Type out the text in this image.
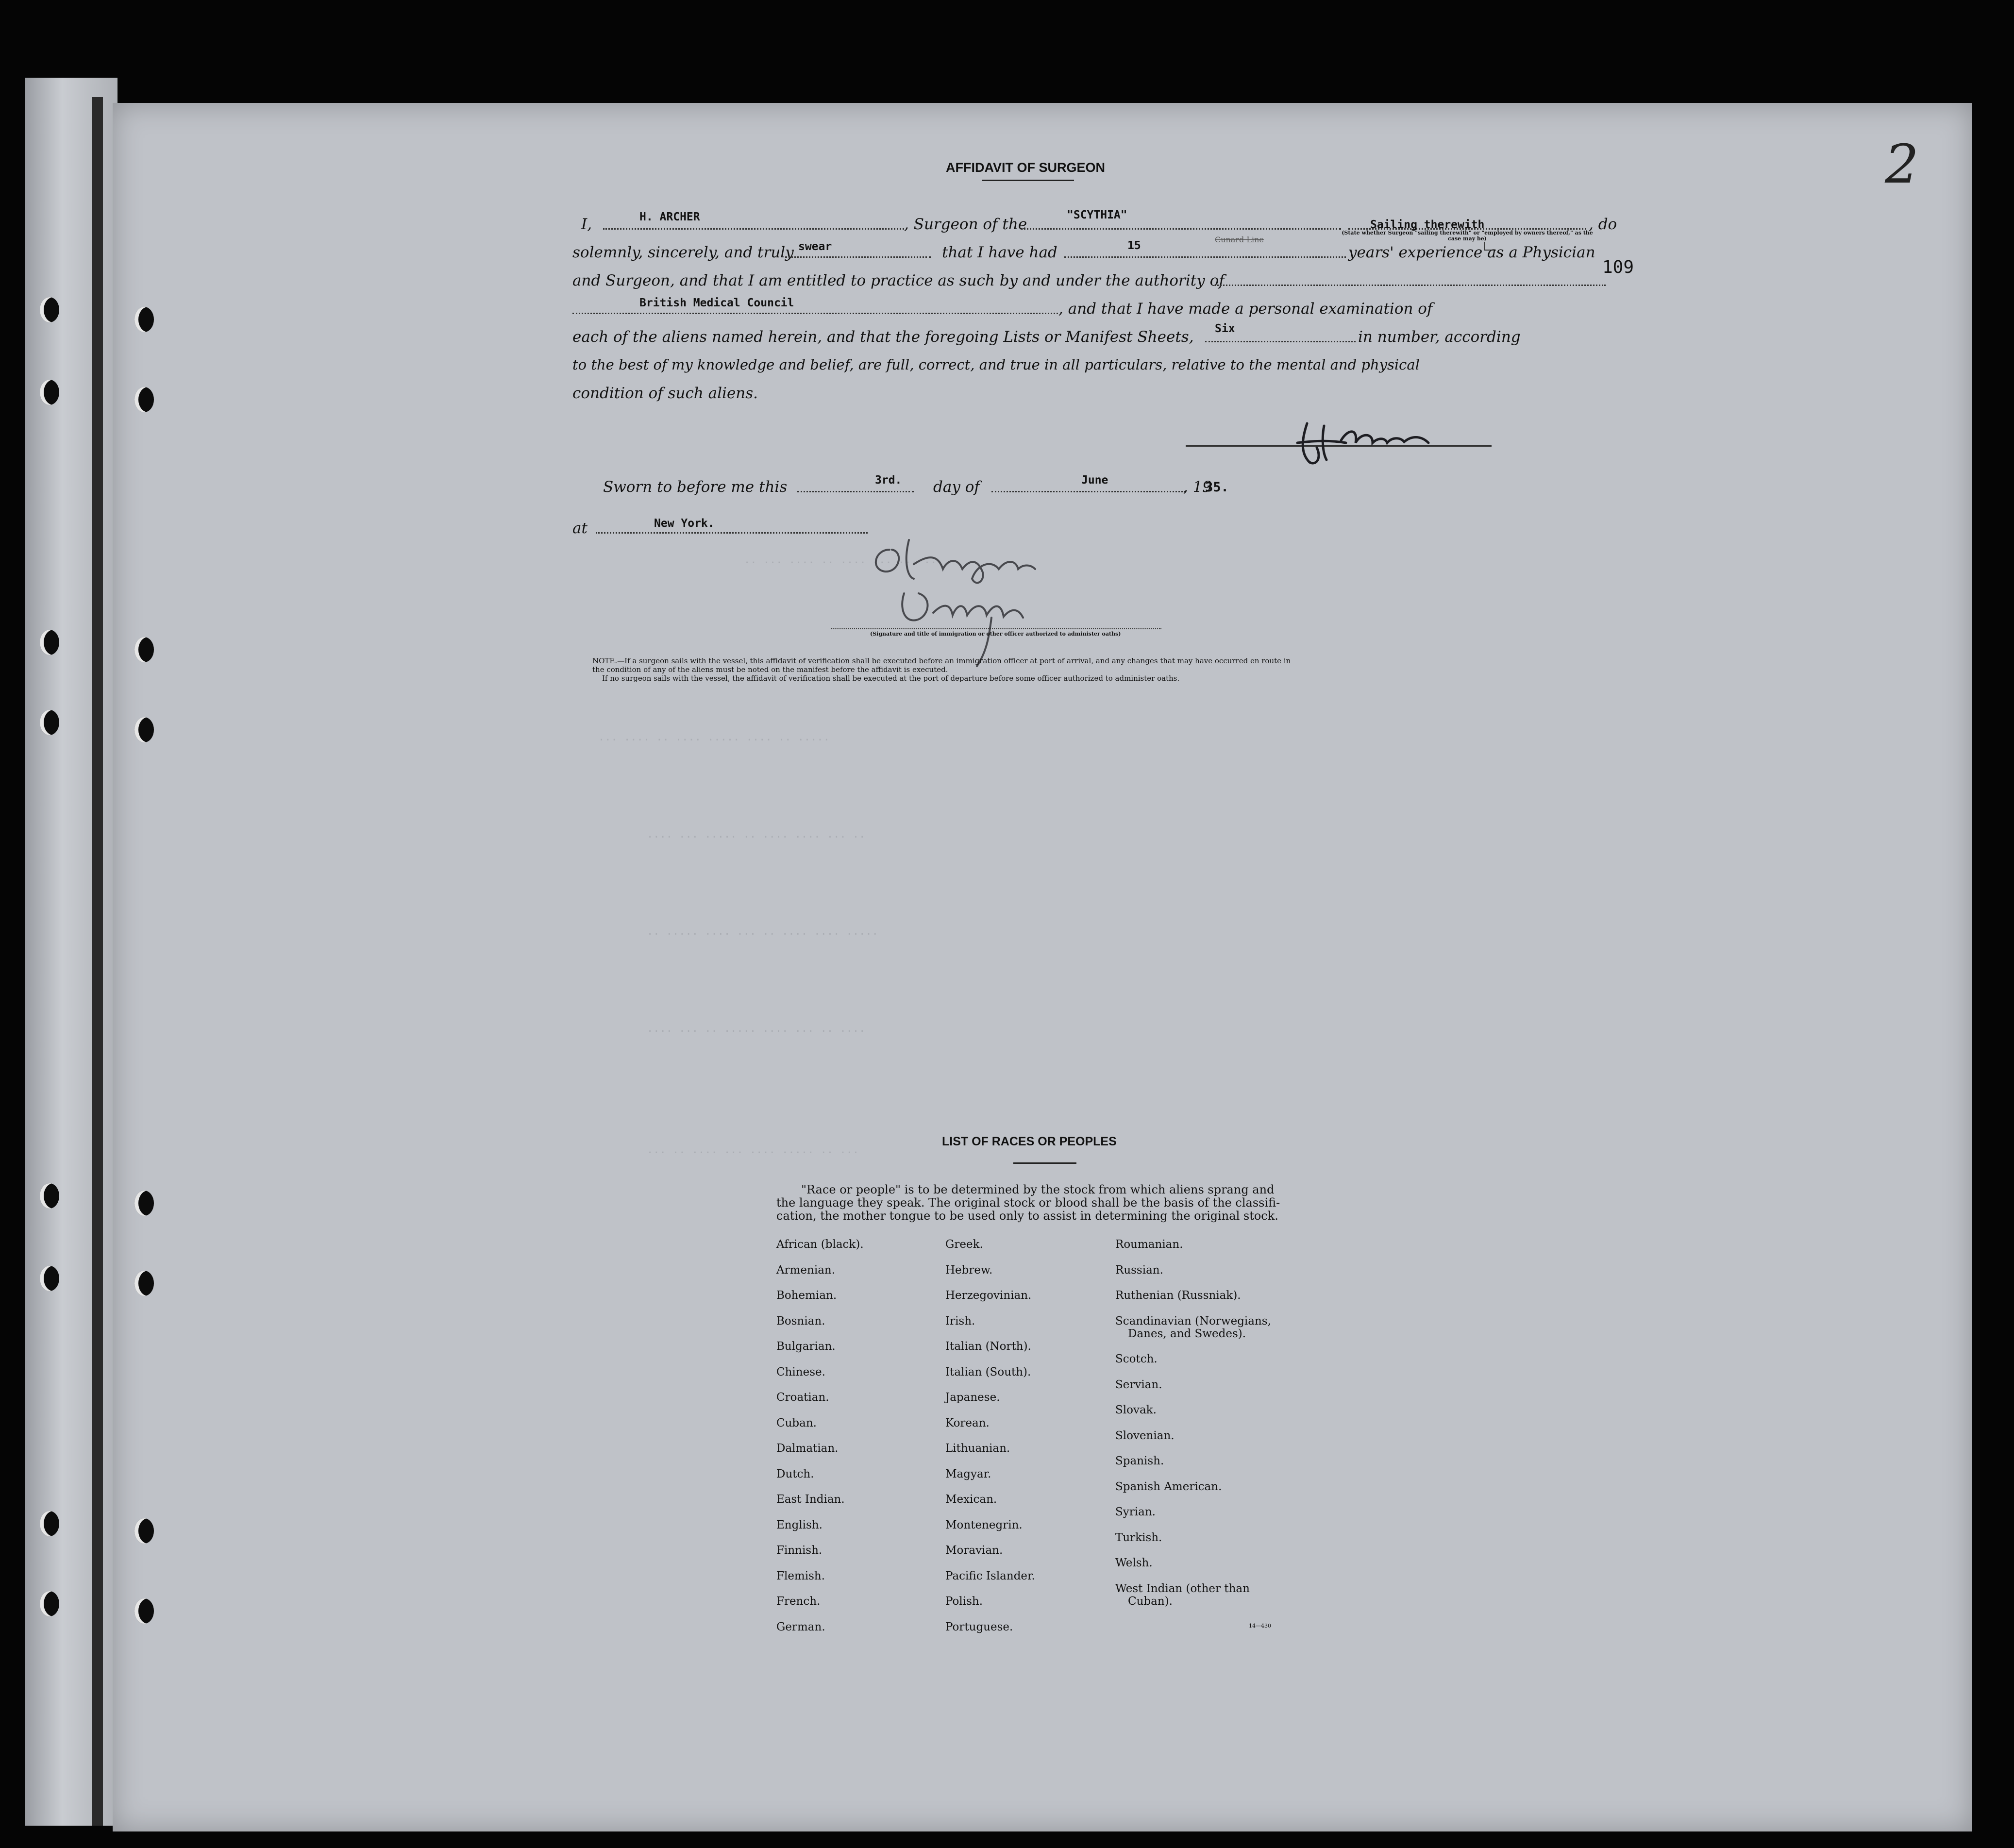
·· ··· ···· ·· ···· ··· ··· ···
··· ···· ·· ···· ····· ···· ·· ·····
···· ··· ····· ·· ···· ···· ··· ··
·· ····· ···· ··· ·· ···· ···· ·····
···· ··· ·· ····· ···· ··· ·· ····
··· ·· ···· ··· ···· ····· ·· ···
109
2
AFFIDAVIT OF SURGEON
I,	H. ARCHER	, Surgeon of the
"SCYTHIA"
Sailing therewith	, do
(State whether Surgeon "sailing therewith" or "employed by owners thereof," as the case may be)
Cunard Line
solemnly, sincerely, and truly swear	that I have had	15	years' experience as a Physician
and Surgeon, and that I am entitled to practice as such by and under the authority of
British Medical Council	, and that I have made a personal examination of
each of the aliens named herein, and that the foregoing Lists or Manifest Sheets, Six	in number, according
to the best of my knowledge and belief, are full, correct, and true in all particulars, relative to the mental and physical
condition of such aliens.
Sworn to before me this	3rd. day of	June	, 19
35.
at	New York.
(Signature and title of immigration or other officer authorized to administer oaths)
NOTE.—If a surgeon sails with the vessel, this affidavit of verification shall be executed before an immigration officer at port of arrival, and any changes that may have occurred en route in
the condition of any of the aliens must be noted on the manifest before the affidavit is executed.
If no surgeon sails with the vessel, the affidavit of verification shall be executed at the port of departure before some officer authorized to administer oaths.
LIST OF RACES OR PEOPLES
"Race or people" is to be determined by the stock from which aliens sprang and
the language they speak. The original stock or blood shall be the basis of the classifi-
cation, the mother tongue to be used only to assist in determining the original stock.
African (black).
Armenian.
Bohemian.
Bosnian.
Bulgarian.
Chinese.
Croatian.
Cuban.
Dalmatian.
Dutch.
East Indian.
English.
Finnish.
Flemish.
French.
German.
Greek.
Hebrew.
Herzegovinian.
Irish.
Italian (North).
Italian (South).
Japanese.
Korean.
Lithuanian.
Magyar.
Mexican.
Montenegrin.
Moravian.
Pacific Islander.
Polish.
Portuguese.
Roumanian.
Russian.
Ruthenian (Russniak).
Scandinavian (Norwegians,
Danes, and Swedes).
Scotch.
Servian.
Slovak.
Slovenian.
Spanish.
Spanish American.
Syrian.
Turkish.
Welsh.
West Indian (other than
Cuban).
14—430
